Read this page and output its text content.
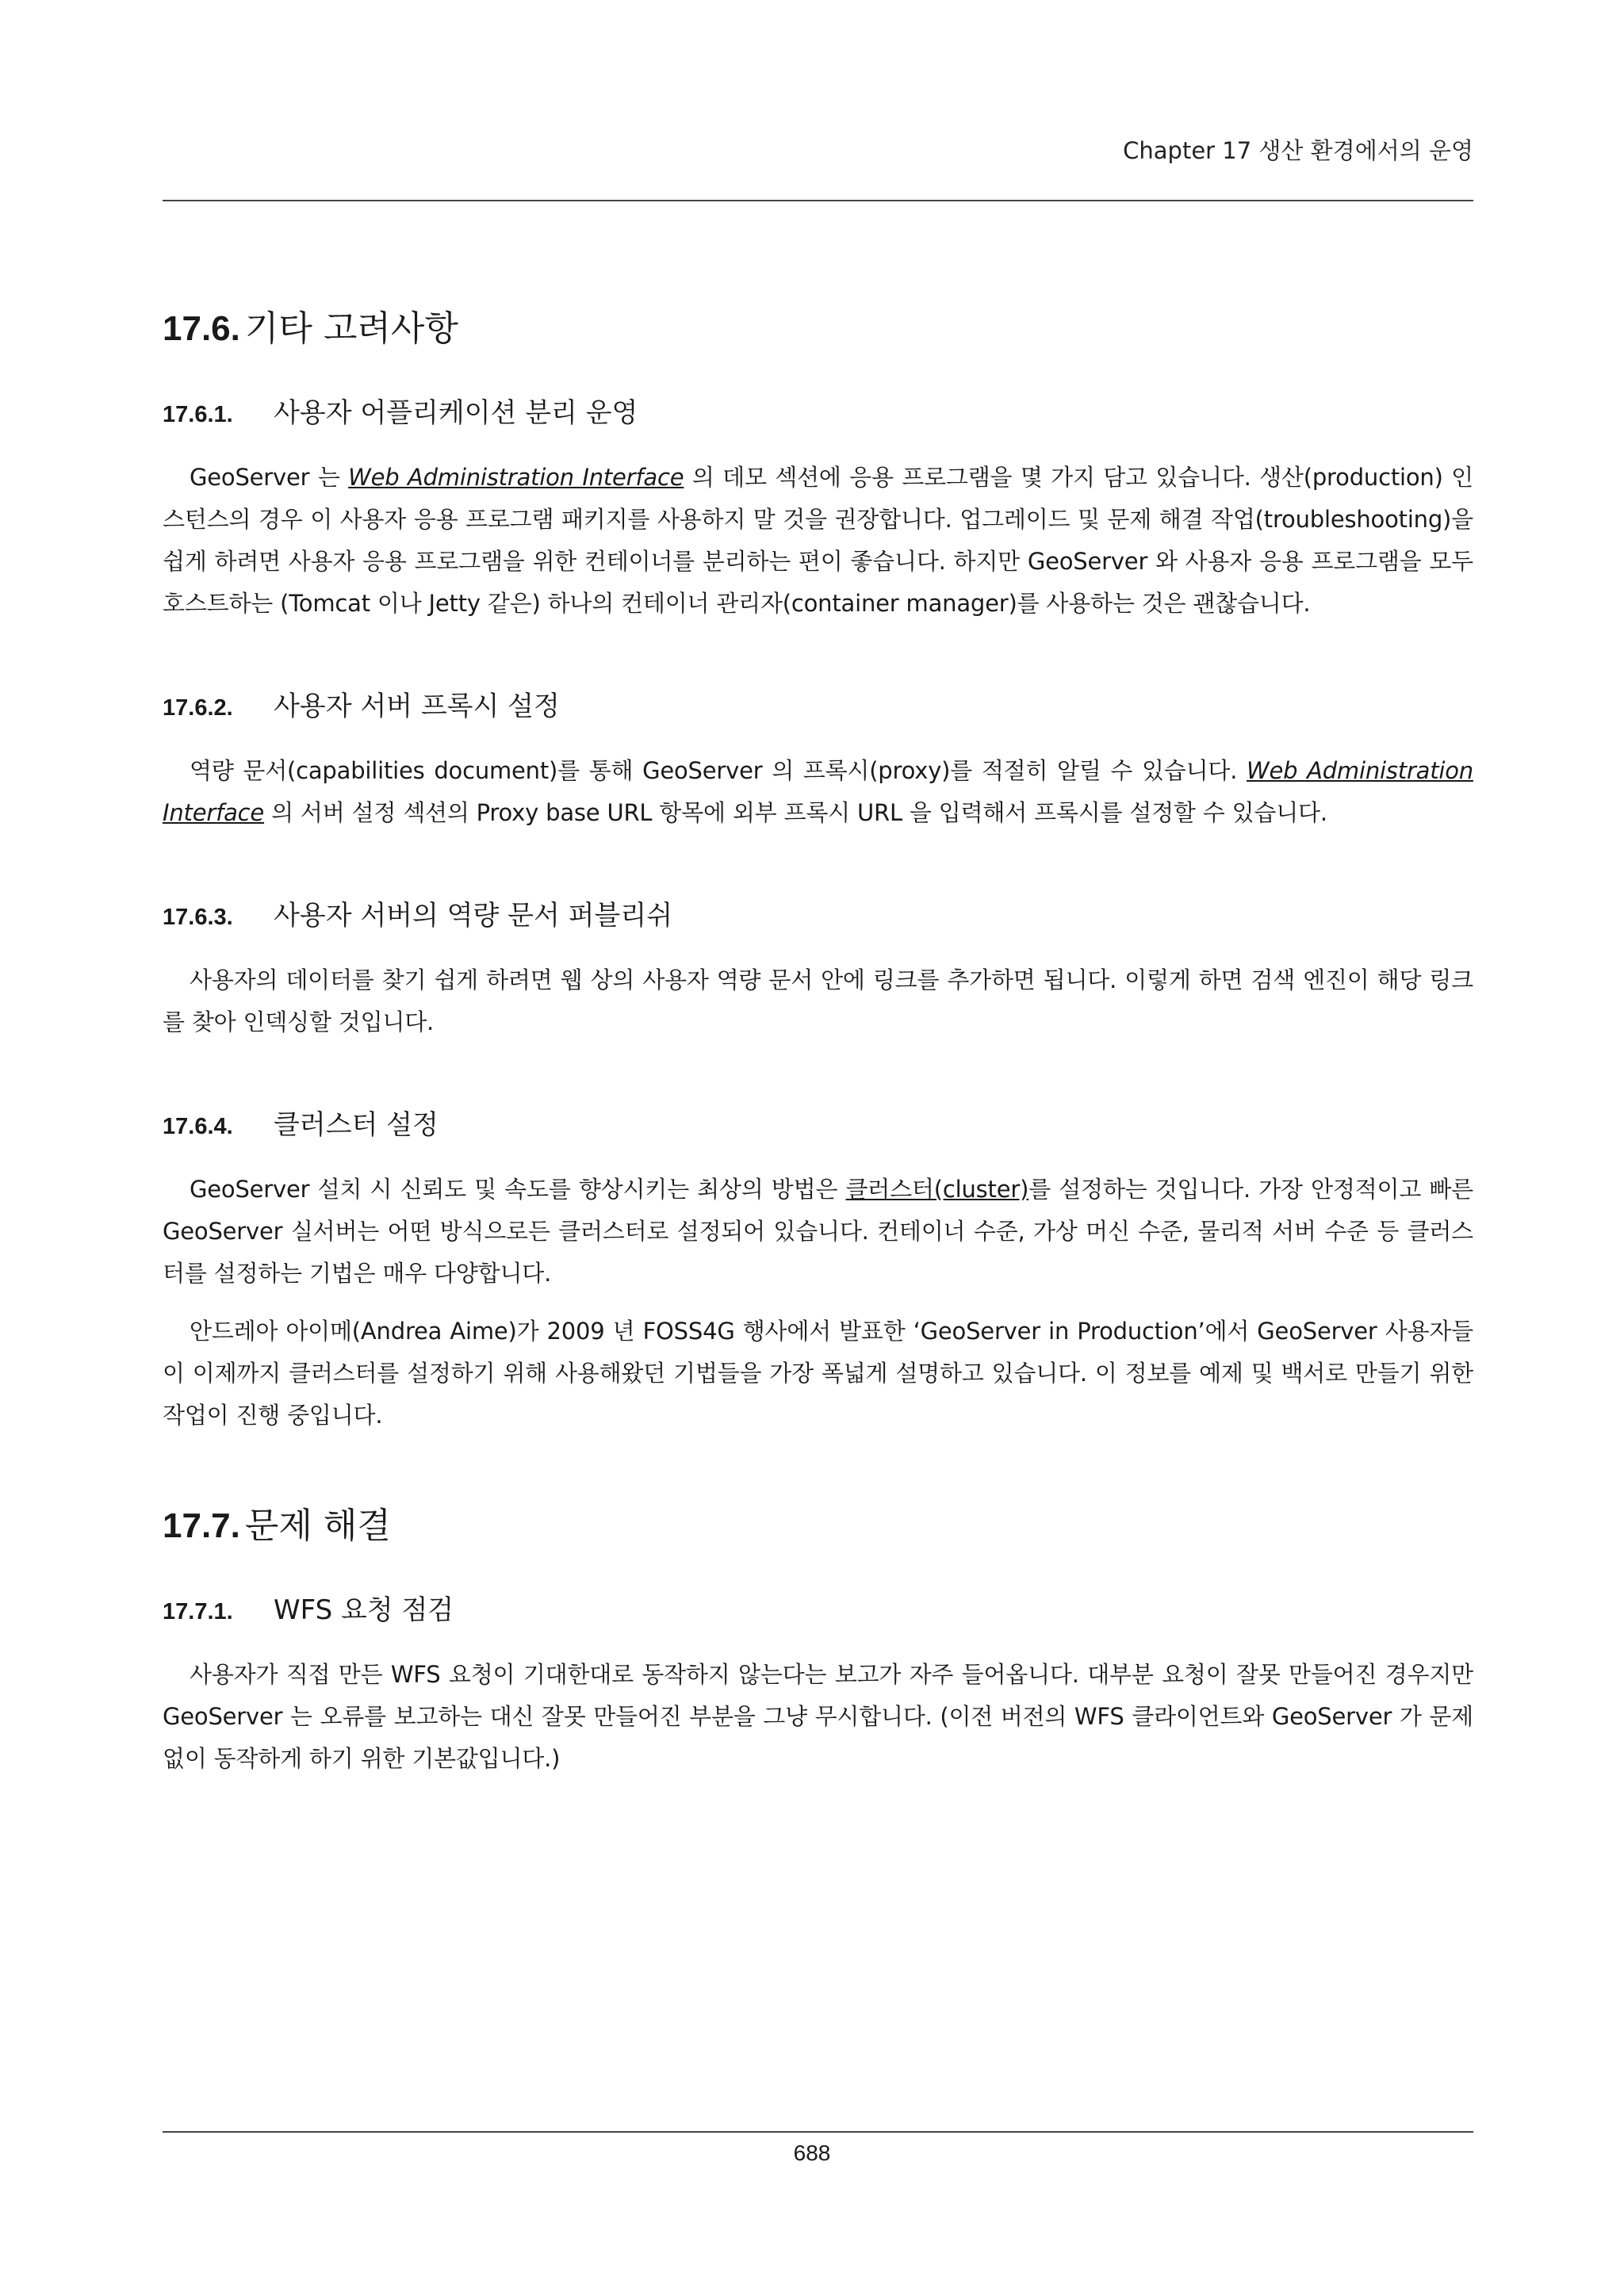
Chapter 17 생산 환경에서의 운영
17.6. 기타 고려사항
17.6.1.	사용자 어플리케이션 분리 운영

GeoServer 는 Web Administration Interface 의 데모 섹션에 응용 프로그램을 몇 가지 담고 있습니다. 생산(production) 인스턴스의 경우 이 사용자 응용 프로그램 패키지를 사용하지 말 것을 권장합니다. 업그레이드 및 문제 해결 작업(troubleshooting)을 쉽게 하려면 사용자 응용 프로그램을 위한 컨테이너를 분리하는 편이 좋습니다. 하지만 GeoServer 와 사용자 응용 프로그램을 모두 호스트하는 (Tomcat 이나 Jetty 같은) 하나의 컨테이너 관리자(container manager)를 사용하는 것은 괜찮습니다.

17.6.2.	사용자 서버 프록시 설정

역량 문서(capabilities document)를 통해 GeoServer 의 프록시(proxy)를 적절히 알릴 수 있습니다. Web Administration Interface 의 서버 설정 섹션의 Proxy base URL 항목에 외부 프록시 URL 을 입력해서 프록시를 설정할 수 있습니다.

17.6.3.	사용자 서버의 역량 문서 퍼블리쉬

사용자의 데이터를 찾기 쉽게 하려면 웹 상의 사용자 역량 문서 안에 링크를 추가하면 됩니다. 이렇게 하면 검색 엔진이 해당 링크를 찾아 인덱싱할 것입니다.

17.6.4.	클러스터 설정

GeoServer 설치 시 신뢰도 및 속도를 향상시키는 최상의 방법은 클러스터(cluster)를 설정하는 것입니다. 가장 안정적이고 빠른 GeoServer 실서버는 어떤 방식으로든 클러스터로 설정되어 있습니다. 컨테이너 수준, 가상 머신 수준, 물리적 서버 수준 등 클러스터를 설정하는 기법은 매우 다양합니다.

안드레아 아이메(Andrea Aime)가 2009 년 FOSS4G 행사에서 발표한 ‘GeoServer in Production’에서 GeoServer 사용자들이 이제까지 클러스터를 설정하기 위해 사용해왔던 기법들을 가장 폭넓게 설명하고 있습니다. 이 정보를 예제 및 백서로 만들기 위한 작업이 진행 중입니다.

17.7. 문제 해결
17.7.1.	WFS 요청 점검

사용자가 직접 만든 WFS 요청이 기대한대로 동작하지 않는다는 보고가 자주 들어옵니다. 대부분 요청이 잘못 만들어진 경우지만 GeoServer 는 오류를 보고하는 대신 잘못 만들어진 부분을 그냥 무시합니다. (이전 버전의 WFS 클라이언트와 GeoServer 가 문제없이 동작하게 하기 위한 기본값입니다.)

688
